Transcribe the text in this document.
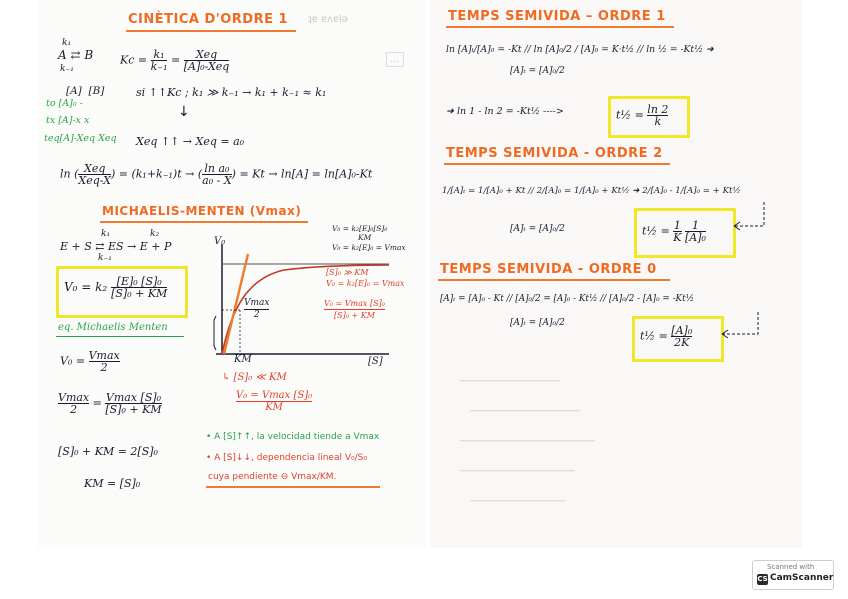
CINÈTICA D'ORDRE 1 ʇɐ ɐʌɐlǝ
k₁
A ⇄ B
k₋₁
$Kc = \frac{\text{k₁}}{\text{k₋₁}} = \frac{\text{Xeq}}{\text{[A]₀-Xeq}}$	...
[A] [B]
to [A]₀ -
tx [A]-x x
teq[A]-Xeq Xeq
si ↑↑Kc ; k₁ ≫ k₋₁ → k₁ + k₋₁ ≈ k₁
↓
Xeq ↑↑ → Xeq = a₀
ln ( $\frac{\text{Xeq}}{\text{Xeq-X}}$ ) = (k₁+k₋₁)t → ( $\frac{\text{ln a₀}}{\text{a₀ - X}}$ ) = Kt → ln[A] = ln[A]₀-Kt
MICHAELIS-MENTEN (Vmax)
k₁	k₂
E + S ⇄ ES → E + P
k₋₁
$V_0 = k_2 \frac{\text{[E]₀ [S]₀}}{\text{[S]₀ + KM}}$
eq. Michaelis Menten
$V_0 = \frac{Vmax}{2}$
$\frac{Vmax}{2} = \frac{\text{Vmax [S]₀}}{\text{[S]₀ + KM}}$
[S]₀ + KM = 2[S]₀
KM = [S]₀
V₀
$\frac{Vmax}{2}$
KM	[S]
V₀ = k₂[E]₀[S]₀
KM
V₀ = k₂[E]₀ = Vmax
[S]₀ ≫ KM
V₀ = k₂[E]₀ = Vmax
$\frac{\text{V₀ = Vmax [S]₀}}{\text{[S]₀ + KM}}$
↳ [S]₀ ≪ KM
$\frac{\text{V₀ = Vmax [S]₀}}{KM}$
• A [S]↑↑, la velocidad tiende a Vmax
• A [S]↓↓, dependencia lineal V₀/S₀
cuya pendiente ⊖ Vmax/KM.
TEMPS SEMIVIDA – ORDRE 1
ln [A]ₜ/[A]₀ = -Kt // ln [A]₀/2 / [A]₀ = K·t½ // ln ½ = -Kt½ ➜
[A]ₜ = [A]₀/2
➜ ln 1 - ln 2 = -Kt½ ---->	t½ = $\frac{\ln 2}{k}$
TEMPS SEMIVIDA - ORDRE 2
1/[A]ₜ = 1/[A]₀ + Kt // 2/[A]₀ = 1/[A]₀ + Kt½ ➜ 2/[A]₀ - 1/[A]₀ = + Kt½
[A]ₜ = [A]₀/2	t½ = $\frac{1}{K}$
$\frac{1}{\text{[A]₀}}$
TEMPS SEMIVIDA - ORDRE 0
[A]ₜ = [A]₀ - Kt // [A]₀/2 = [A]₀ - Kt½ // [A]₀/2 - [A]₀ = -Kt½
[A]ₜ = [A]₀/2
t½ = $\frac{\text{[A]₀}}{2K}$
‾‾‾‾‾‾‾‾‾‾‾‾‾‾‾‾‾‾‾‾
‾‾‾‾‾‾‾‾‾‾‾‾‾‾‾‾‾‾‾‾‾‾
‾‾‾‾‾‾‾‾‾‾‾‾‾‾‾‾‾‾‾‾‾‾‾‾‾‾‾
‾‾‾‾‾‾‾‾‾‾‾‾‾‾‾‾‾‾‾‾‾‾‾
‾‾‾‾‾‾‾‾‾‾‾‾‾‾‾‾‾‾‾
Scanned with
CS CamScanner
